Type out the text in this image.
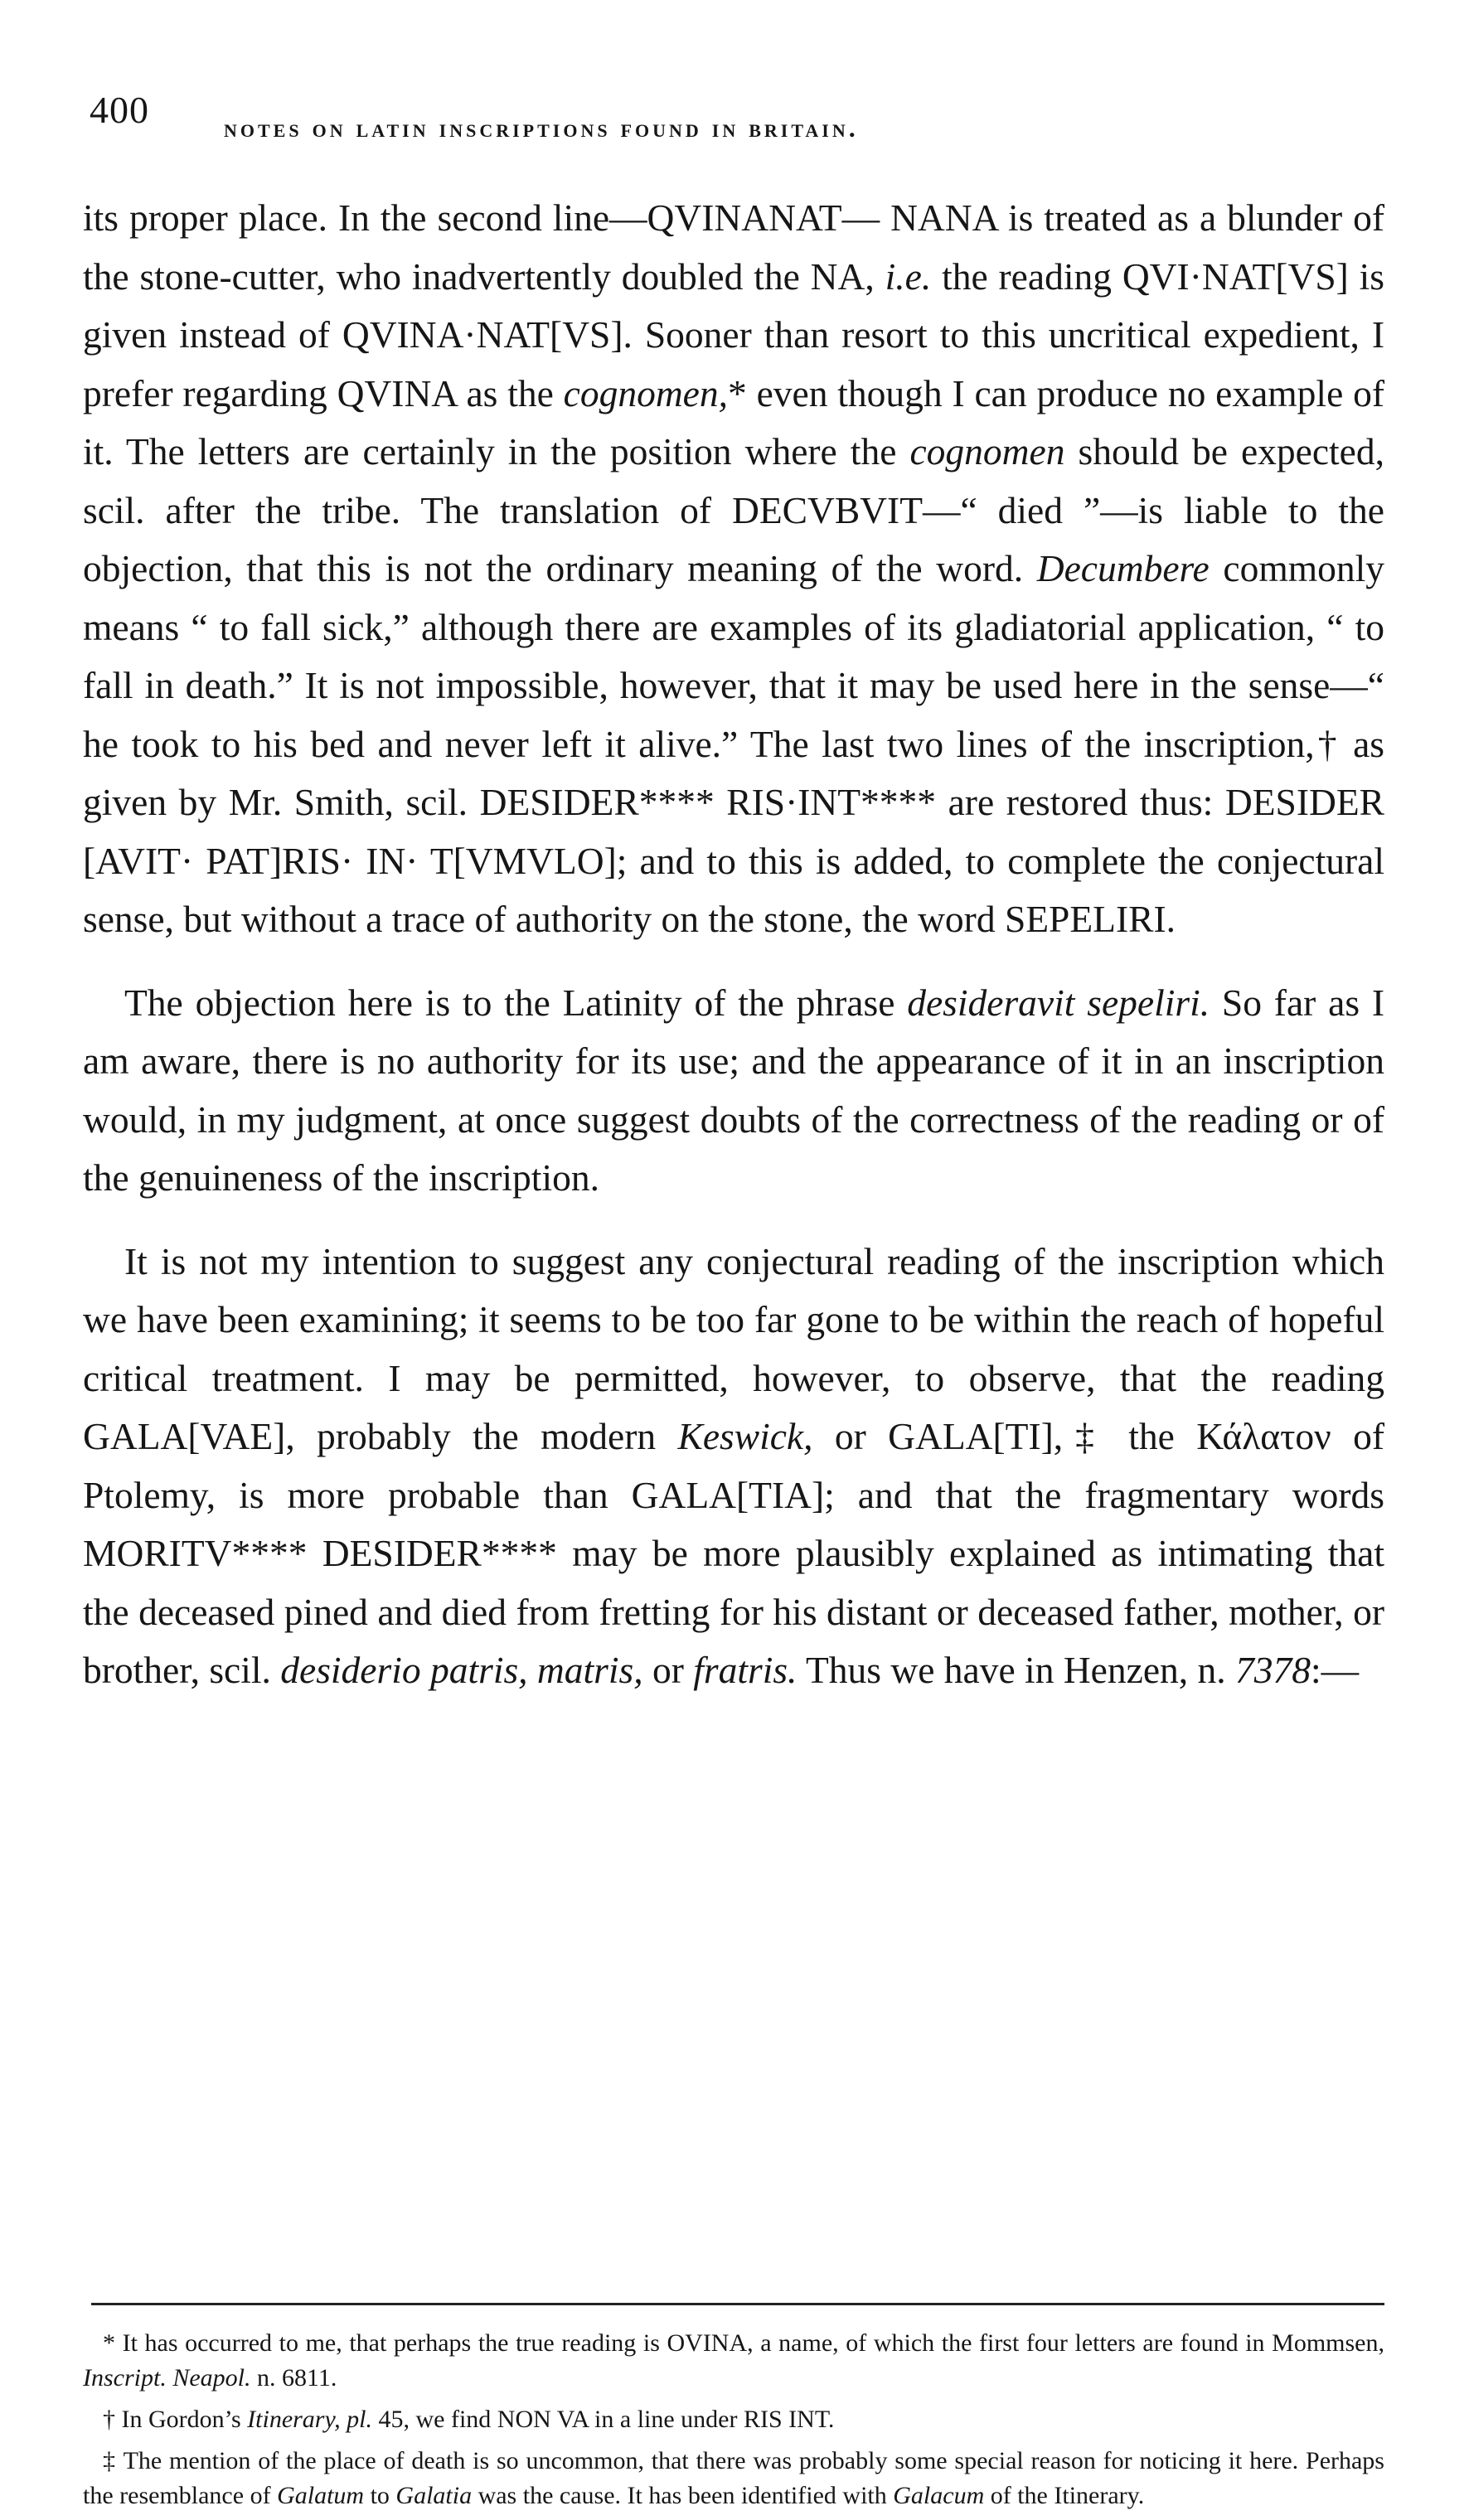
400	notes on latin inscriptions found in britain.

its proper place. In the second line—QVINANAT— NANA is treated as a blunder of the stone-cutter, who inadvertently doubled the NA, i.e. the reading QVI·NAT[VS] is given instead of QVINA·NAT[VS]. Sooner than resort to this uncritical expedient, I prefer regarding QVINA as the cognomen,* even though I can produce no example of it. The letters are certainly in the position where the cognomen should be expected, scil. after the tribe. The translation of DECVBVIT—“ died ”—is liable to the objection, that this is not the ordinary meaning of the word. Decumbere commonly means “ to fall sick,” although there are examples of its gladiatorial application, “ to fall in death.” It is not impossible, however, that it may be used here in the sense—“ he took to his bed and never left it alive.” The last two lines of the inscription,† as given by Mr. Smith, scil. DESIDER**** RIS·INT**** are restored thus: DESIDER [AVIT· PAT]RIS· IN· T[VMVLO]; and to this is added, to complete the conjectural sense, but without a trace of authority on the stone, the word SEPELIRI.

The objection here is to the Latinity of the phrase desideravit sepeliri. So far as I am aware, there is no authority for its use; and the appearance of it in an inscription would, in my judgment, at once suggest doubts of the correctness of the reading or of the genuineness of the inscription.

It is not my intention to suggest any conjectural reading of the inscription which we have been examining; it seems to be too far gone to be within the reach of hopeful critical treatment. I may be permitted, however, to observe, that the reading GALA[VAE], probably the modern Keswick, or GALA[TI],‡ the Κάλατον of Ptolemy, is more probable than GALA[TIA]; and that the fragmentary words MORITV**** DESIDER**** may be more plausibly explained as intimating that the deceased pined and died from fretting for his distant or deceased father, mother, or brother, scil. desiderio patris, matris, or fratris. Thus we have in Henzen, n. 7378:—

* It has occurred to me, that perhaps the true reading is OVINA, a name, of which the first four letters are found in Mommsen, Inscript. Neapol. n. 6811.

† In Gordon’s Itinerary, pl. 45, we find NON VA in a line under RIS INT.

‡ The mention of the place of death is so uncommon, that there was probably some special reason for noticing it here. Perhaps the resemblance of Galatum to Galatia was the cause. It has been identified with Galacum of the Itinerary.
